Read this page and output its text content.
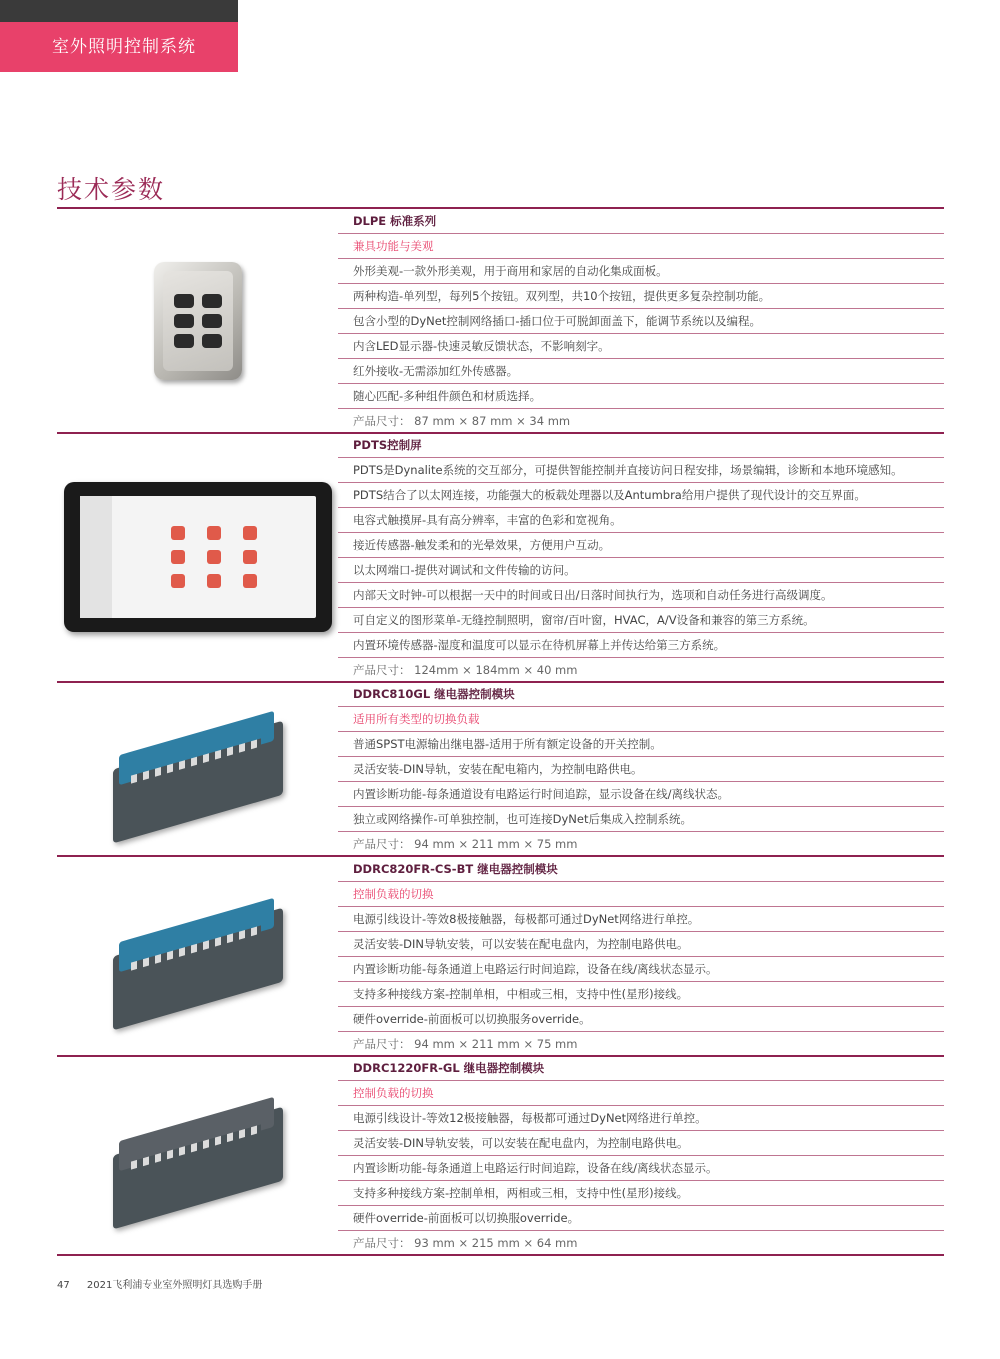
室外照明控制系统
技术参数
DLPE 标准系列
兼具功能与美观
外形美观-一款外形美观，用于商用和家居的自动化集成面板。
两种构造-单列型，每列5个按钮。双列型，共10个按钮，提供更多复杂控制功能。
包含小型的DyNet控制网络插口-插口位于可脱卸面盖下，能调节系统以及编程。
内含LED显示器-快速灵敏反馈状态，不影响刻字。
红外接收-无需添加红外传感器。
随心匹配-多种组件颜色和材质选择。
产品尺寸： 87 mm × 87 mm × 34 mm
PDTS控制屏
PDTS是Dynalite系统的交互部分，可提供智能控制并直接访问日程安排，场景编辑，诊断和本地环境感知。
PDTS结合了以太网连接，功能强大的板载处理器以及Antumbra给用户提供了现代设计的交互界面。
电容式触摸屏-具有高分辨率，丰富的色彩和宽视角。
接近传感器-触发柔和的光晕效果，方便用户互动。
以太网端口-提供对调试和文件传输的访问。
内部天文时钟-可以根据一天中的时间或日出/日落时间执行为，选项和自动任务进行高级调度。
可自定义的图形菜单-无缝控制照明，窗帘/百叶窗，HVAC，A/V设备和兼容的第三方系统。
内置环境传感器-湿度和温度可以显示在待机屏幕上并传达给第三方系统。
产品尺寸： 124mm × 184mm × 40 mm
DDRC810GL 继电器控制模块
适用所有类型的切换负载
普通SPST电源输出继电器-适用于所有额定设备的开关控制。
灵活安装-DIN导轨，安装在配电箱内，为控制电路供电。
内置诊断功能-每条通道设有电路运行时间追踪，显示设备在线/离线状态。
独立或网络操作-可单独控制，也可连接DyNet后集成入控制系统。
产品尺寸： 94 mm × 211 mm × 75 mm
DDRC820FR-CS-BT 继电器控制模块
控制负载的切换
电源引线设计-等效8极接触器，每极都可通过DyNet网络进行单控。
灵活安装-DIN导轨安装，可以安装在配电盘内，为控制电路供电。
内置诊断功能-每条通道上电路运行时间追踪，设备在线/离线状态显示。
支持多种接线方案-控制单相，中相或三相，支持中性(星形)接线。
硬件override-前面板可以切换服务override。
产品尺寸： 94 mm × 211 mm × 75 mm
DDRC1220FR-GL 继电器控制模块
控制负载的切换
电源引线设计-等效12极接触器，每极都可通过DyNet网络进行单控。
灵活安装-DIN导轨安装，可以安装在配电盘内，为控制电路供电。
内置诊断功能-每条通道上电路运行时间追踪，设备在线/离线状态显示。
支持多种接线方案-控制单相，两相或三相，支持中性(星形)接线。
硬件override-前面板可以切换服override。
产品尺寸： 93 mm × 215 mm × 64 mm
47 2021飞利浦专业室外照明灯具选购手册
